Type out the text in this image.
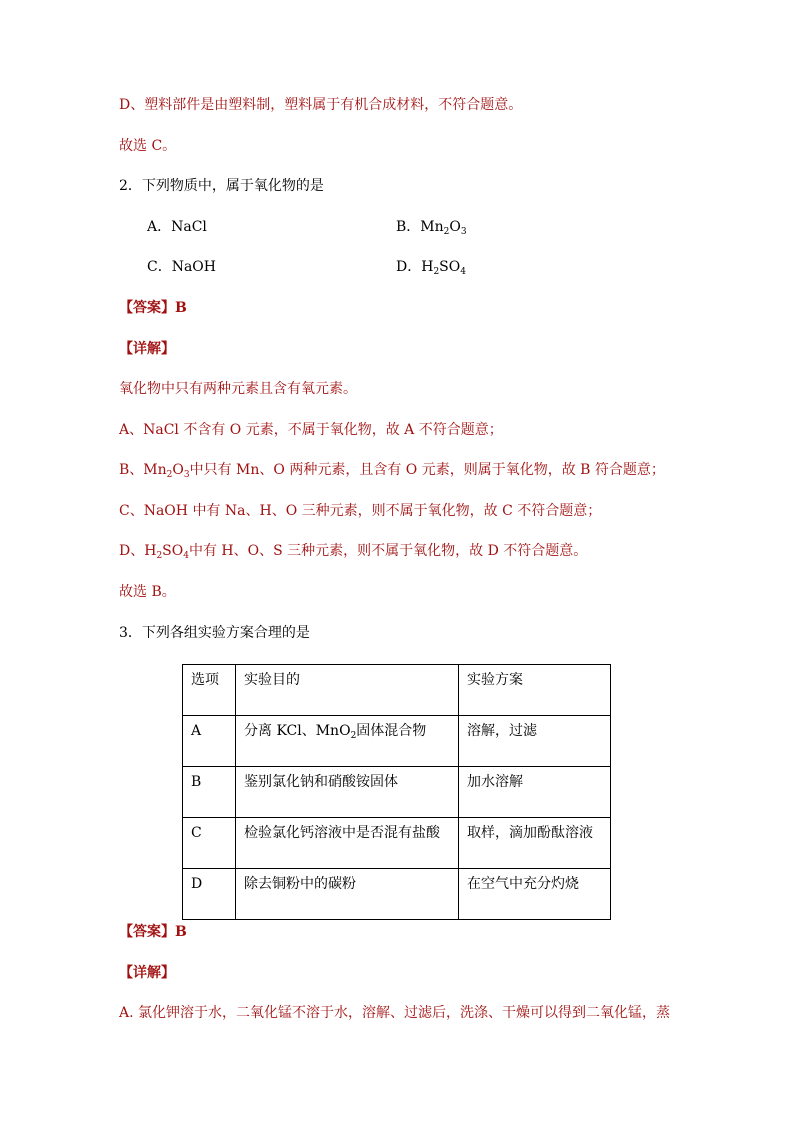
D、塑料部件是由塑料制，塑料属于有机合成材料，不符合题意。
故选 C。
2．下列物质中，属于氧化物的是
A．NaCl	B．$Mn_2O_3$
C．NaOH	D．$H_2SO_4$
【答案】B
【详解】
氧化物中只有两种元素且含有氧元素。
A、NaCl 不含有 O 元素，不属于氧化物，故 A 不符合题意；
B、$Mn_2O_3$中只有 Mn、O 两种元素，且含有 O 元素，则属于氧化物，故 B 符合题意；
C、NaOH 中有 Na、H、O 三种元素，则不属于氧化物，故 C 不符合题意；
D、$H_2SO_4$中有 H、O、S 三种元素，则不属于氧化物，故 D 不符合题意。
故选 B。
3．下列各组实验方案合理的是
选项	实验目的	实验方案
A	分离 KCl、MnO$_2$固体混合物	溶解，过滤
B	鉴别氯化钠和硝酸铵固体	加水溶解
C	检验氯化钙溶液中是否混有盐酸	取样，滴加酚酞溶液
D	除去铜粉中的碳粉	在空气中充分灼烧
【答案】B
【详解】
A. 氯化钾溶于水，二氧化锰不溶于水，溶解、过滤后，洗涤、干燥可以得到二氧化锰，蒸
